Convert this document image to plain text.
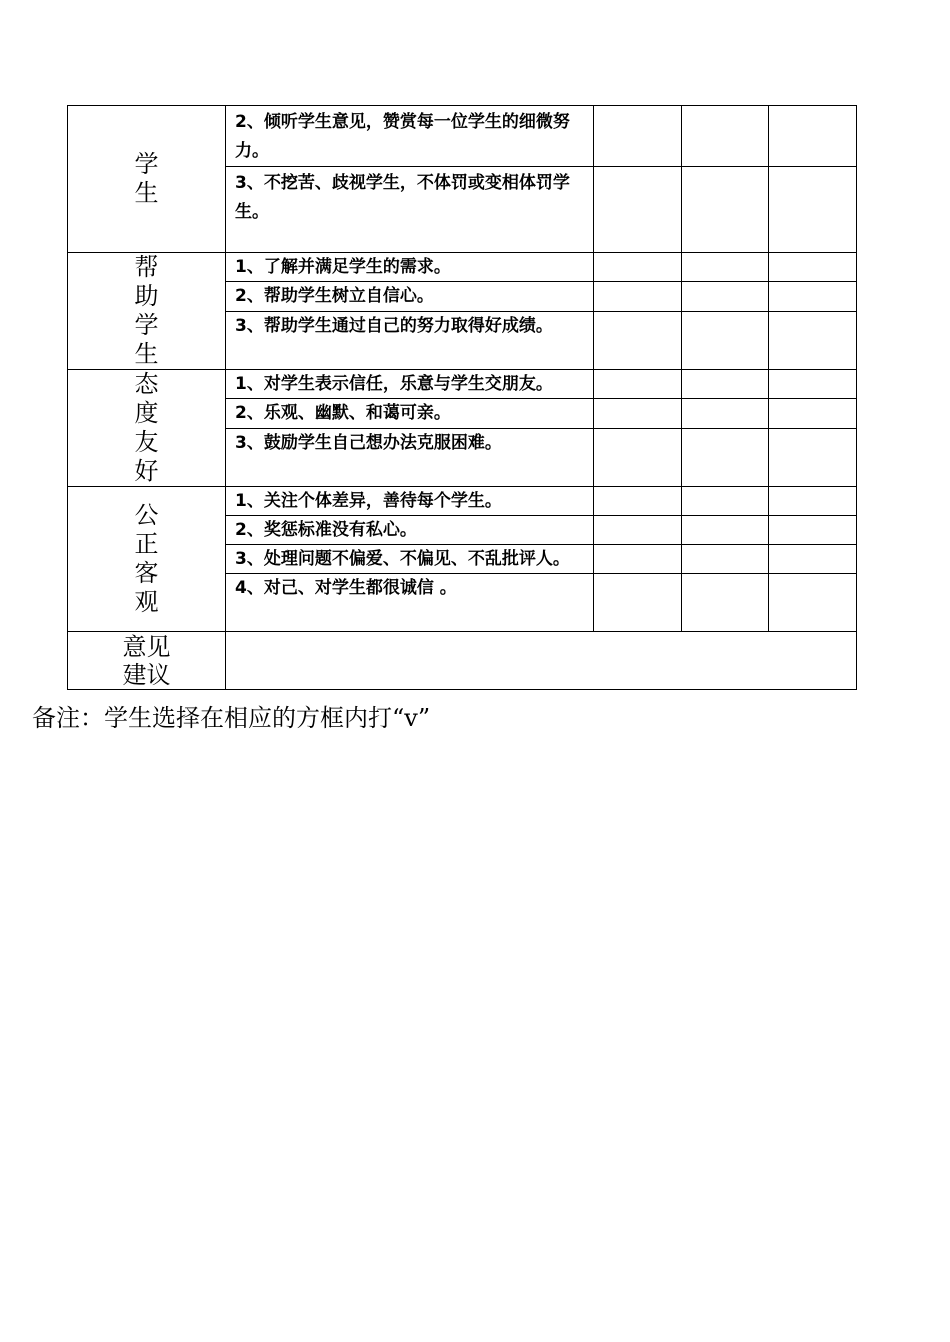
学
生	2、倾听学生意见，赞赏每一位学生的细微努力。			
	3、不挖苦、歧视学生，不体罚或变相体罚学生。			

帮
助
学
生	1、了解并满足学生的需求。			
	2、帮助学生树立自信心。			
	3、帮助学生通过自己的努力取得好成绩。			

态
度
友
好	1、对学生表示信任，乐意与学生交朋友。			
	2、乐观、幽默、和蔼可亲。			
	3、鼓励学生自己想办法克服困难。			

公
正
客
观	1、关注个体差异，善待每个学生。			
	2、奖惩标准没有私心。			
	3、处理问题不偏爱、不偏见、不乱批评人。			
	4、对己、对学生都很诚信 。			

意见
建议				

备注：学生选择在相应的方框内打“v”
